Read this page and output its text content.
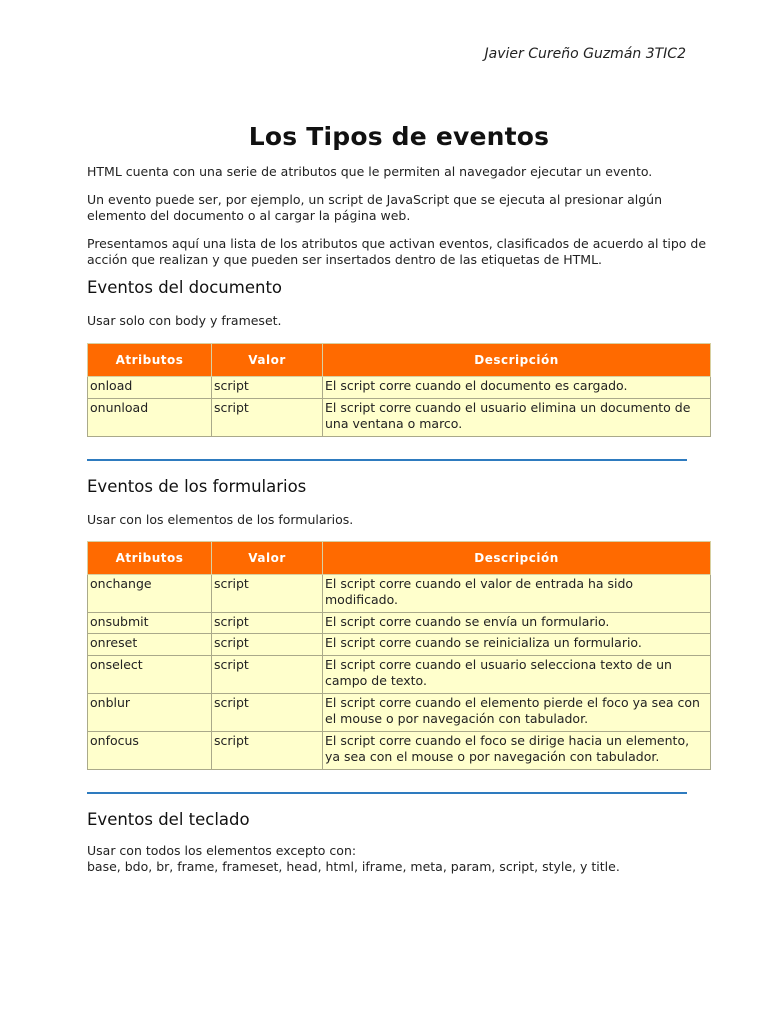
Javier Cureño Guzmán 3TIC2
Los Tipos de eventos

HTML cuenta con una serie de atributos que le permiten al navegador ejecutar un evento.

Un evento puede ser, por ejemplo, un script de JavaScript que se ejecuta al presionar algún elemento del documento o al cargar la página web.

Presentamos aquí una lista de los atributos que activan eventos, clasificados de acuerdo al tipo de acción que realizan y que pueden ser insertados dentro de las etiquetas de HTML.

Eventos del documento

Usar solo con body y frameset.

Atributos	Valor	Descripción
onload	script	El script corre cuando el documento es cargado.
onunload	script	El script corre cuando el usuario elimina un documento de una ventana o marco.
Eventos de los formularios

Usar con los elementos de los formularios.

Atributos	Valor	Descripción
onchange	script	El script corre cuando el valor de entrada ha sido modificado.
onsubmit	script	El script corre cuando se envía un formulario.
onreset	script	El script corre cuando se reinicializa un formulario.
onselect	script	El script corre cuando el usuario selecciona texto de un campo de texto.
onblur	script	El script corre cuando el elemento pierde el foco ya sea con el mouse o por navegación con tabulador.
onfocus	script	El script corre cuando el foco se dirige hacia un elemento, ya sea con el mouse o por navegación con tabulador.
Eventos del teclado

Usar con todos los elementos excepto con:
base, bdo, br, frame, frameset, head, html, iframe, meta, param, script, style, y title.
